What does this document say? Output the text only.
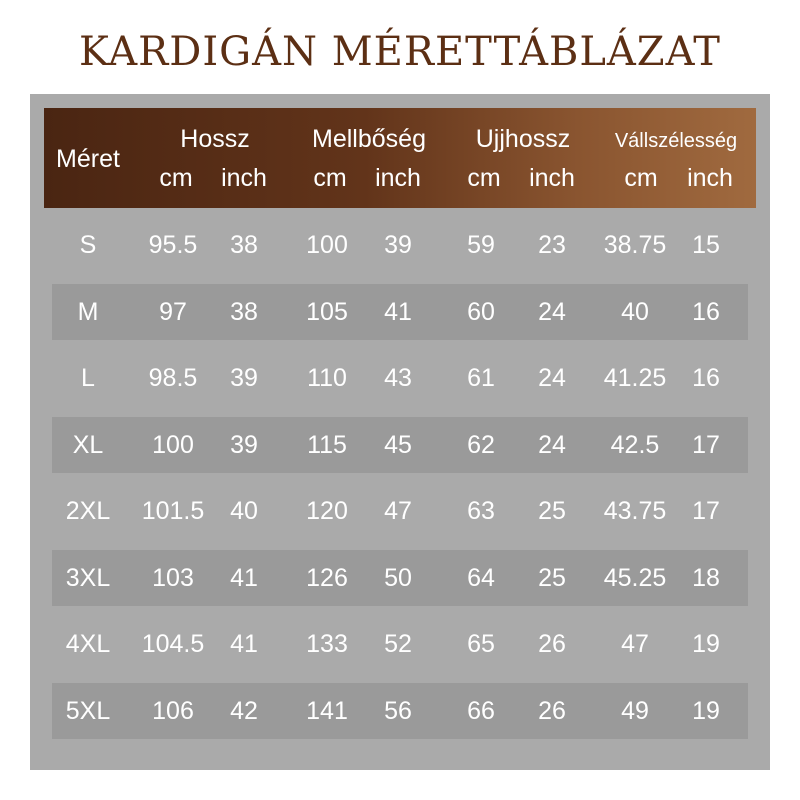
KARDIGÁN MÉRETTÁBLÁZAT
Méret
Hossz	Mellbőség	Ujjhossz	Vállszélesség
cm	inch	cm	inch	cm	inch	cm	inch
S	95.5	38	100	39	59	23	38.75	15
M	97	38	105	41	60	24	40	16
L	98.5	39	110	43	61	24	41.25	16
XL	100	39	115	45	62	24	42.5	17
2XL	101.5	40	120	47	63	25	43.75	17
3XL	103	41	126	50	64	25	45.25	18
4XL	104.5	41	133	52	65	26	47	19
5XL	106	42	141	56	66	26	49	19
